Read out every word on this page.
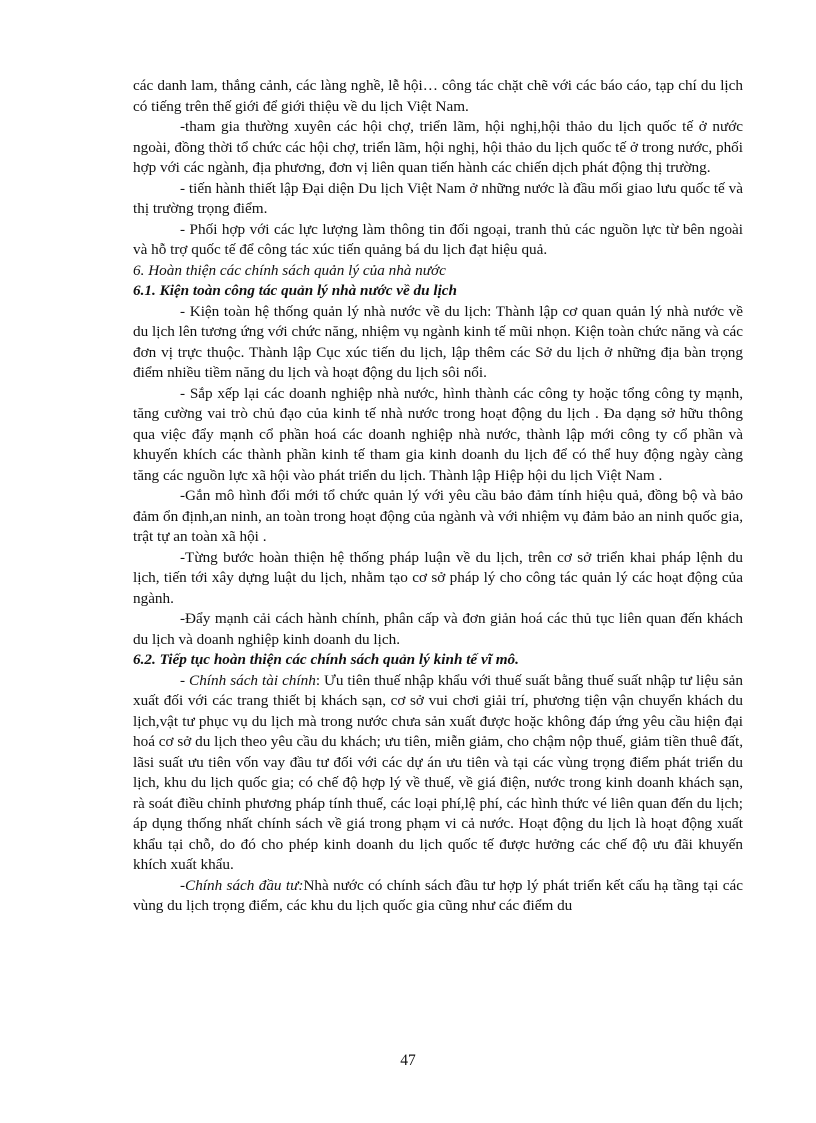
các danh lam, thắng cảnh, các làng nghề, lễ hội… công tác chặt chẽ với các báo cáo, tạp chí du lịch có tiếng trên thế giới để giới thiệu về du lịch Việt Nam.

-tham gia thường xuyên các hội chợ, triển lãm, hội nghị,hội thảo du lịch quốc tế ở nước ngoài, đồng thời tổ chức các hội chợ, triển lãm, hội nghị, hội thảo du lịch quốc tế ở trong nước, phối hợp với các ngành, địa phương, đơn vị liên quan tiến hành các chiến dịch phát động thị trường.

- tiến hành thiết lập Đại diện Du lịch Việt Nam ở những nước là đầu mối giao lưu quốc tế và thị trường trọng điểm.

- Phối hợp với các lực lượng làm thông tin đối ngoại, tranh thủ các nguồn lực từ bên ngoài và hỗ trợ quốc tế để công tác xúc tiến quảng bá du lịch đạt hiệu quả.

6. Hoàn thiện các chính sách quản lý của nhà nước
6.1. Kiện toàn công tác quản lý nhà nước về du lịch

- Kiện toàn hệ thống quản lý nhà nước về du lịch: Thành lập cơ quan quản lý nhà nước về du lịch lên tương ứng với chức năng, nhiệm vụ ngành kinh tế mũi nhọn. Kiện toàn chức năng và các đơn vị trực thuộc. Thành lập Cục xúc tiến du lịch, lập thêm các Sở du lịch ở những địa bàn trọng điểm nhiều tiềm năng du lịch và hoạt động du lịch sôi nổi.

- Sắp xếp lại các doanh nghiệp nhà nước, hình thành các công ty hoặc tổng công ty mạnh, tăng cường vai trò chủ đạo của kinh tế nhà nước trong hoạt động du lịch . Đa dạng sở hữu thông qua việc đẩy mạnh cổ phần hoá các doanh nghiệp nhà nước, thành lập mới công ty cổ phần và khuyến khích các thành phần kinh tế tham gia kinh doanh du lịch để có thể huy động ngày càng tăng các nguồn lực xã hội vào phát triển du lịch. Thành lập Hiệp hội du lịch Việt Nam .

-Gắn mô hình đổi mới tổ chức quản lý với yêu cầu bảo đảm tính hiệu quả, đồng bộ và bảo đảm ổn định,an ninh, an toàn trong hoạt động của ngành và với nhiệm vụ đảm bảo an ninh quốc gia, trật tự an toàn xã hội .

-Từng bước hoàn thiện hệ thống pháp luận về du lịch, trên cơ sở triển khai pháp lệnh du lịch, tiến tới xây dựng luật du lịch, nhằm tạo cơ sở pháp lý cho công tác quản lý các hoạt động của ngành.

-Đẩy mạnh cải cách hành chính, phân cấp và đơn giản hoá các thủ tục liên quan đến khách du lịch và doanh nghiệp kinh doanh du lịch.

6.2. Tiếp tục hoàn thiện các chính sách quản lý kinh tế vĩ mô.

- Chính sách tài chính: Ưu tiên thuế nhập khẩu với thuế suất bằng thuế suất nhập tư liệu sản xuất đối với các trang thiết bị khách sạn, cơ sở vui chơi giải trí, phương tiện vận chuyển khách du lịch,vật tư phục vụ du lịch mà trong nước chưa sản xuất được hoặc không đáp ứng yêu cầu hiện đại hoá cơ sở du lịch theo yêu cầu du khách; ưu tiên, miễn giảm, cho chậm nộp thuế, giảm tiền thuê đất, lãsi suất ưu tiên vốn vay đầu tư đối với các dự án ưu tiên và tại các vùng trọng điểm phát triển du lịch, khu du lịch quốc gia; có chế độ hợp lý về thuế, về giá điện, nước trong kinh doanh khách sạn, rà soát điều chỉnh phương pháp tính thuế, các loại phí,lệ phí, các hình thức vé liên quan đến du lịch; áp dụng thống nhất chính sách về giá trong phạm vi cả nước. Hoạt động du lịch là hoạt động xuất khẩu tại chỗ, do đó cho phép kinh doanh du lịch quốc tế được hưởng các chế độ ưu đãi khuyến khích xuất khẩu.

-Chính sách đầu tư:Nhà nước có chính sách đầu tư hợp lý phát triển kết cấu hạ tầng tại các vùng du lịch trọng điểm, các khu du lịch quốc gia cũng như các điểm du

47
